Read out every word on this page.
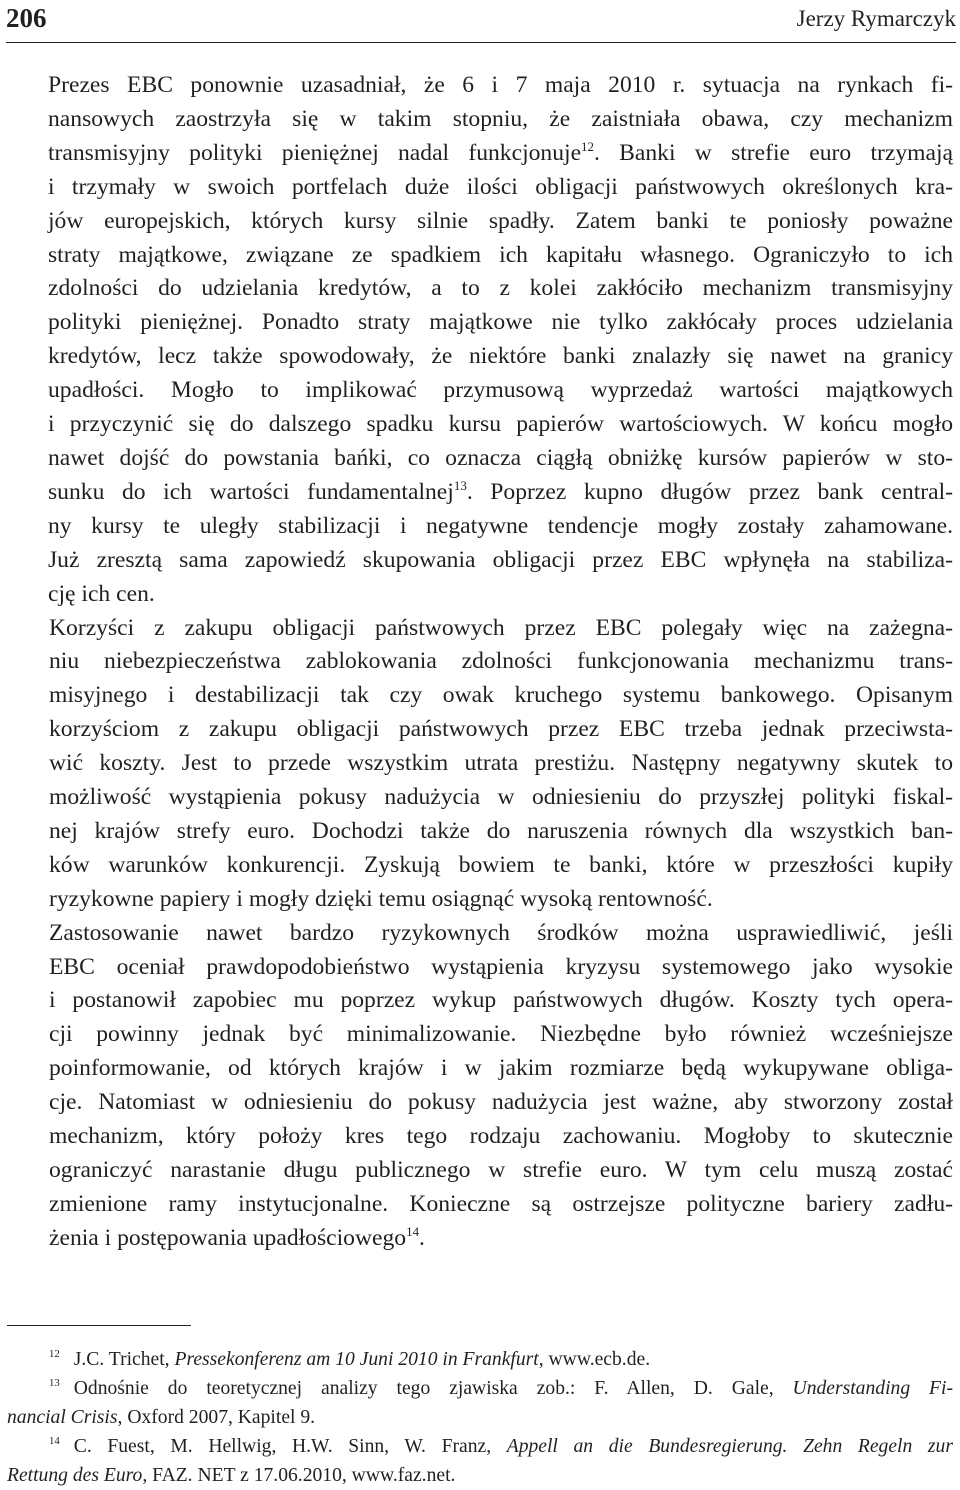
206	Jerzy Rymarczyk

Prezes EBC ponownie uzasadniał, że 6 i 7 maja 2010 r. sytuacja na rynkach fi-
nansowych zaostrzyła się w takim stopniu, że zaistniała obawa, czy mechanizm
transmisyjny polityki pieniężnej nadal funkcjonuje$^{12}$. Banki w strefie euro trzymają
i trzymały w swoich portfelach duże ilości obligacji państwowych określonych kra-
jów europejskich, których kursy silnie spadły. Zatem banki te poniosły poważne
straty majątkowe, związane ze spadkiem ich kapitału własnego. Ograniczyło to ich
zdolności do udzielania kredytów, a to z kolei zakłóciło mechanizm transmisyjny
polityki pieniężnej. Ponadto straty majątkowe nie tylko zakłócały proces udzielania
kredytów, lecz także spowodowały, że niektóre banki znalazły się nawet na granicy
upadłości. Mogło to implikować przymusową wyprzedaż wartości majątkowych
i przyczynić się do dalszego spadku kursu papierów wartościowych. W końcu mogło
nawet dojść do powstania bańki, co oznacza ciągłą obniżkę kursów papierów w sto-
sunku do ich wartości fundamentalnej$^{13}$. Poprzez kupno długów przez bank central-
ny kursy te uległy stabilizacji i negatywne tendencje mogły zostały zahamowane.
Już zresztą sama zapowiedź skupowania obligacji przez EBC wpłynęła na stabiliza-
cję ich cen.

Korzyści z zakupu obligacji państwowych przez EBC polegały więc na zażegna-
niu niebezpieczeństwa zablokowania zdolności funkcjonowania mechanizmu trans-
misyjnego i destabilizacji tak czy owak kruchego systemu bankowego. Opisanym
korzyściom z zakupu obligacji państwowych przez EBC trzeba jednak przeciwsta-
wić koszty. Jest to przede wszystkim utrata prestiżu. Następny negatywny skutek to
możliwość wystąpienia pokusy nadużycia w odniesieniu do przyszłej polityki fiskal-
nej krajów strefy euro. Dochodzi także do naruszenia równych dla wszystkich ban-
ków warunków konkurencji. Zyskują bowiem te banki, które w przeszłości kupiły
ryzykowne papiery i mogły dzięki temu osiągnąć wysoką rentowność.

Zastosowanie nawet bardzo ryzykownych środków można usprawiedliwić, jeśli
EBC oceniał prawdopodobieństwo wystąpienia kryzysu systemowego jako wysokie
i postanowił zapobiec mu poprzez wykup państwowych długów. Koszty tych opera-
cji powinny jednak być minimalizowanie. Niezbędne było również wcześniejsze
poinformowanie, od których krajów i w jakim rozmiarze będą wykupywane obliga-
cje. Natomiast w odniesieniu do pokusy nadużycia jest ważne, aby stworzony został
mechanizm, który położy kres tego rodzaju zachowaniu. Mogłoby to skutecznie
ograniczyć narastanie długu publicznego w strefie euro. W tym celu muszą zostać
zmienione ramy instytucjonalne. Konieczne są ostrzejsze polityczne bariery zadłu-
żenia i postępowania upadłościowego$^{14}$.

$^{12}$ J.C. Trichet, Pressekonferenz am 10 Juni 2010 in Frankfurt, www.ecb.de.

$^{13}$ Odnośnie do teoretycznej analizy tego zjawiska zob.: F. Allen, D. Gale, Understanding Fi-
nancial Crisis, Oxford 2007, Kapitel 9.

$^{14}$ C. Fuest, M. Hellwig, H.W. Sinn, W. Franz, Appell an die Bundesregierung. Zehn Regeln zur
Rettung des Euro, FAZ. NET z 17.06.2010, www.faz.net.
